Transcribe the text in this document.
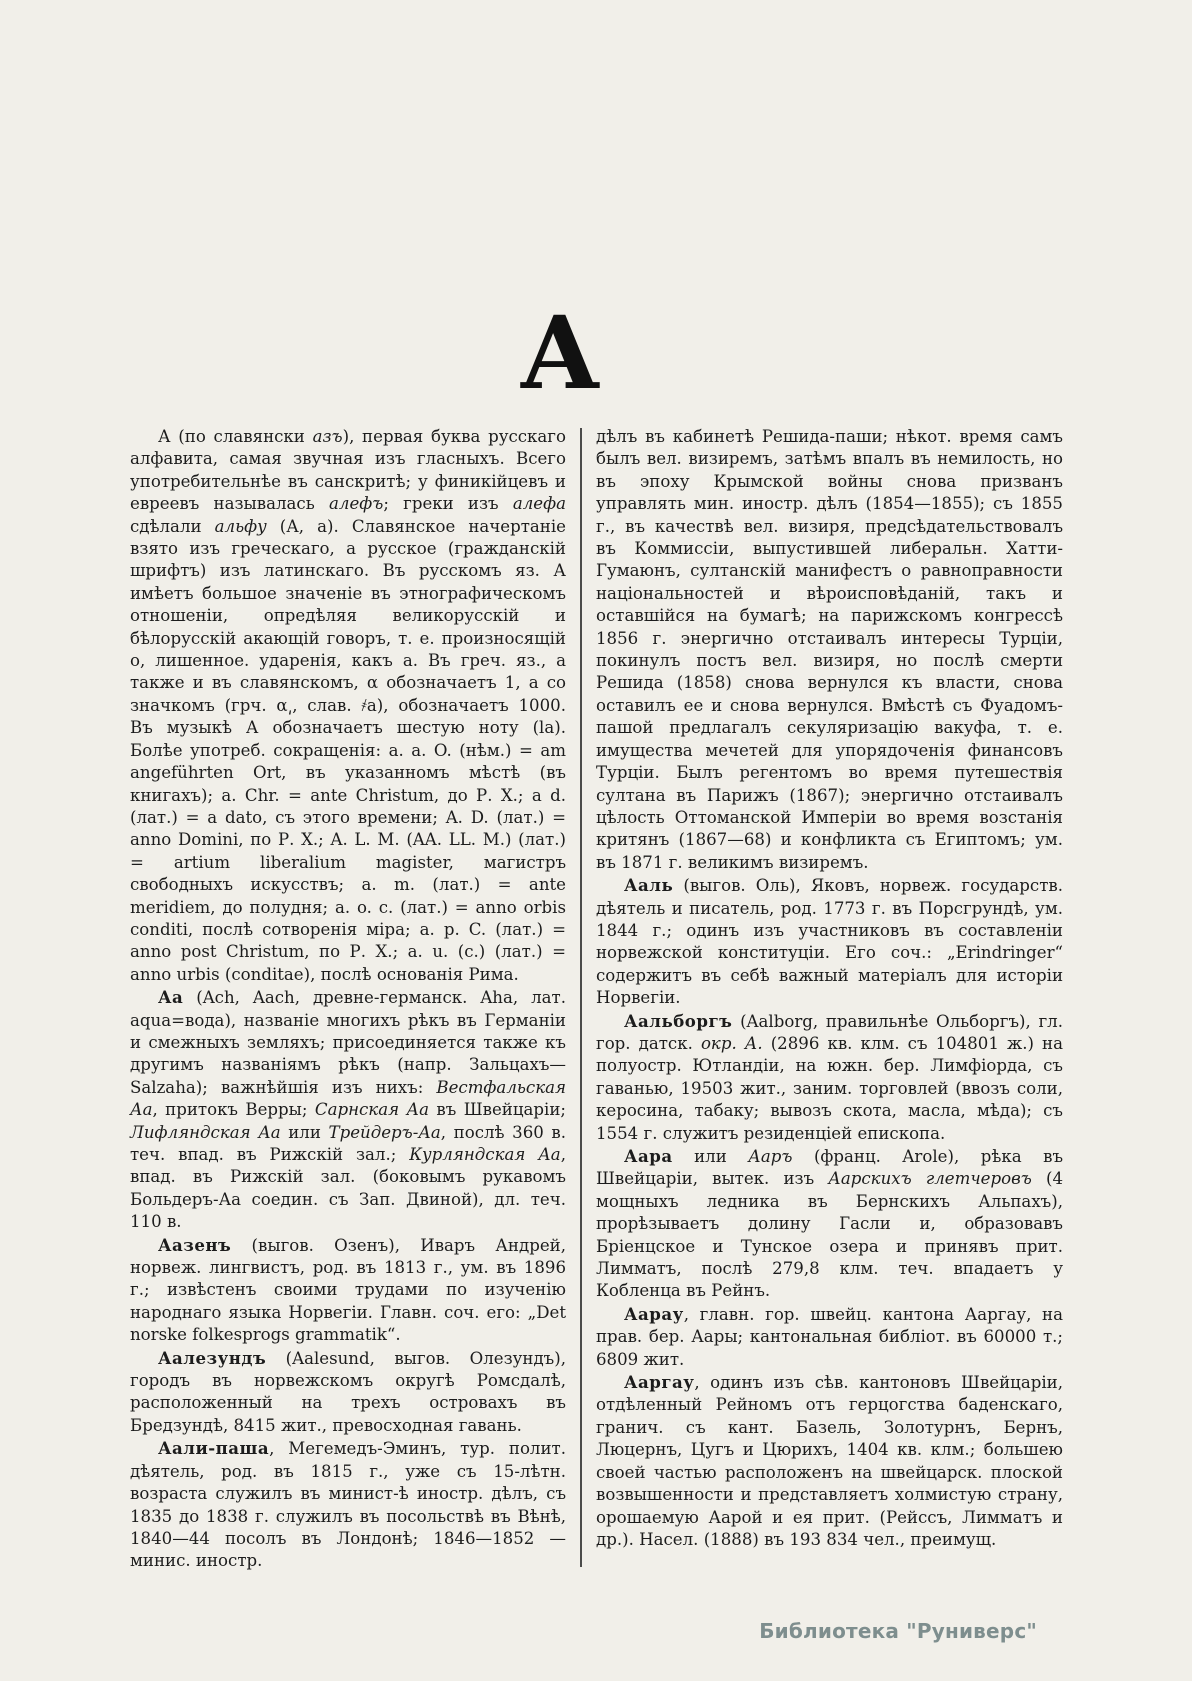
А

А (по славянски азъ), первая буква русскаго алфавита, самая звучная изъ гласныхъ. Всего употребительнѣе въ санскритѣ; у финикійцевъ и евреевъ называлась алефъ; греки изъ алефа сдѣлали альфу (А, а). Славянское начертаніе взято изъ греческаго, а русское (гражданскій шрифтъ) изъ латинскаго. Въ русскомъ яз. А имѣетъ большое значеніе въ этнографическомъ отношеніи, опредѣляя великорусскій и бѣлорусскій акающій говоръ, т. е. произносящій о, лишенное. ударенія, какъ а. Въ греч. яз., а также и въ славянскомъ, α обозначаетъ 1, а со значкомъ (грч. α͵, слав. ҂а), обозначаетъ 1000. Въ музыкѣ А обозначаетъ шестую ноту (la). Болѣе употреб. сокращенія: a. a. O. (нѣм.) = am angeführten Ort, въ указанномъ мѣстѣ (въ книгахъ); a. Chr. = ante Christum, до Р. Х.; a d. (лат.) = a dato, съ этого времени; A. D. (лат.) = anno Domini, по Р. Х.; A. L. M. (AA. LL. M.) (лат.) = artium liberalium magister, магистръ свободныхъ искусствъ; a. m. (лат.) = ante meridiem, до полудня; a. o. c. (лат.) = anno orbis conditi, послѣ сотворенія міра; a. p. C. (лат.) = anno post Christum, по Р. Х.; a. u. (c.) (лат.) = anno urbis (conditae), послѣ основанія Рима.

Аа (Ach, Aach, древне-германск. Aha, лат. aqua=вода), названіе многихъ рѣкъ въ Германіи и смежныхъ земляхъ; присоединяется также къ другимъ названіямъ рѣкъ (напр. Зальцахъ—Salzaha); важнѣйшія изъ нихъ: Вестфальская Аа, притокъ Верры; Сарнская Аа въ Швейцаріи; Лифляндская Аа или Трейдеръ-Аа, послѣ 360 в. теч. впад. въ Рижскій зал.; Курляндская Аа, впад. въ Рижскій зал. (боковымъ рукавомъ Больдеръ-Аа соедин. съ Зап. Двиной), дл. теч. 110 в.

Аазенъ (выгов. Озенъ), Иваръ Андрей, норвеж. лингвистъ, род. въ 1813 г., ум. въ 1896 г.; извѣстенъ своими трудами по изученію народнаго языка Норвегіи. Главн. соч. его: „Det norske folkesprogs grammatik“.

Аалезундъ (Aalesund, выгов. Олезундъ), городъ въ норвежскомъ округѣ Ромсдалѣ, расположенный на трехъ островахъ въ Бредзундѣ, 8415 жит., превосходная гавань.

Аали-паша, Мегемедъ-Эминъ, тур. полит. дѣятель, род. въ 1815 г., уже съ 15-лѣтн. возраста служилъ въ минист-ѣ иностр. дѣлъ, съ 1835 до 1838 г. служилъ въ посольствѣ въ Вѣнѣ, 1840—44 посолъ въ Лондонѣ; 1846—1852 — минис. иностр.

дѣлъ въ кабинетѣ Решида-паши; нѣкот. время самъ былъ вел. визиремъ, затѣмъ впалъ въ немилость, но въ эпоху Крымской войны снова призванъ управлять мин. иностр. дѣлъ (1854—1855); съ 1855 г., въ качествѣ вел. визиря, предсѣдательствовалъ въ Коммиссіи, выпустившей либеральн. Хатти-Гумаюнъ, султанскій манифестъ о равноправности національностей и вѣроисповѣданій, такъ и оставшійся на бумагѣ; на парижскомъ конгрессѣ 1856 г. энергично отстаивалъ интересы Турціи, покинулъ постъ вел. визиря, но послѣ смерти Решида (1858) снова вернулся къ власти, снова оставилъ ее и снова вернулся. Вмѣстѣ съ Фуадомъ-пашой предлагалъ секуляризацію вакуфа, т. е. имущества мечетей для упорядоченія финансовъ Турціи. Былъ регентомъ во время путешествія султана въ Парижъ (1867); энергично отстаивалъ цѣлость Оттоманской Имперіи во время возстанія критянъ (1867—68) и конфликта съ Египтомъ; ум. въ 1871 г. великимъ визиремъ.

Ааль (выгов. Оль), Яковъ, норвеж. государств. дѣятель и писатель, род. 1773 г. въ Порсгрундѣ, ум. 1844 г.; одинъ изъ участниковъ въ составленіи норвежской конституціи. Его соч.: „Erindringer“ содержитъ въ себѣ важный матеріалъ для исторіи Норвегіи.

Аальборгъ (Aalborg, правильнѣе Ольборгъ), гл. гор. датск. окр. А. (2896 кв. клм. съ 104801 ж.) на полуостр. Ютландіи, на южн. бер. Лимфіорда, съ гаванью, 19503 жит., заним. торговлей (ввозъ соли, керосина, табаку; вывозъ скота, масла, мѣда); съ 1554 г. служитъ резиденціей епископа.

Аара или Ааръ (франц. Arole), рѣка въ Швейцаріи, вытек. изъ Аарскихъ глетчеровъ (4 мощныхъ ледника въ Бернскихъ Альпахъ), прорѣзываетъ долину Гасли и, образовавъ Бріенцское и Тунское озера и принявъ прит. Лимматъ, послѣ 279,8 клм. теч. впадаетъ у Кобленца въ Рейнъ.

Аарау, главн. гор. швейц. кантона Ааргау, на прав. бер. Аары; кантональная библіот. въ 60000 т.; 6809 жит.

Ааргау, одинъ изъ сѣв. кантоновъ Швейцаріи, отдѣленный Рейномъ отъ герцогства баденскаго, гранич. съ кант. Базель, Золотурнъ, Бернъ, Люцернъ, Цугъ и Цюрихъ, 1404 кв. клм.; большею своей частью расположенъ на швейцарск. плоской возвышенности и представляетъ холмистую страну, орошаемую Аарой и ея прит. (Рейссъ, Лимматъ и др.). Насел. (1888) въ 193 834 чел., преимущ.

Библиотека "Руниверс"
